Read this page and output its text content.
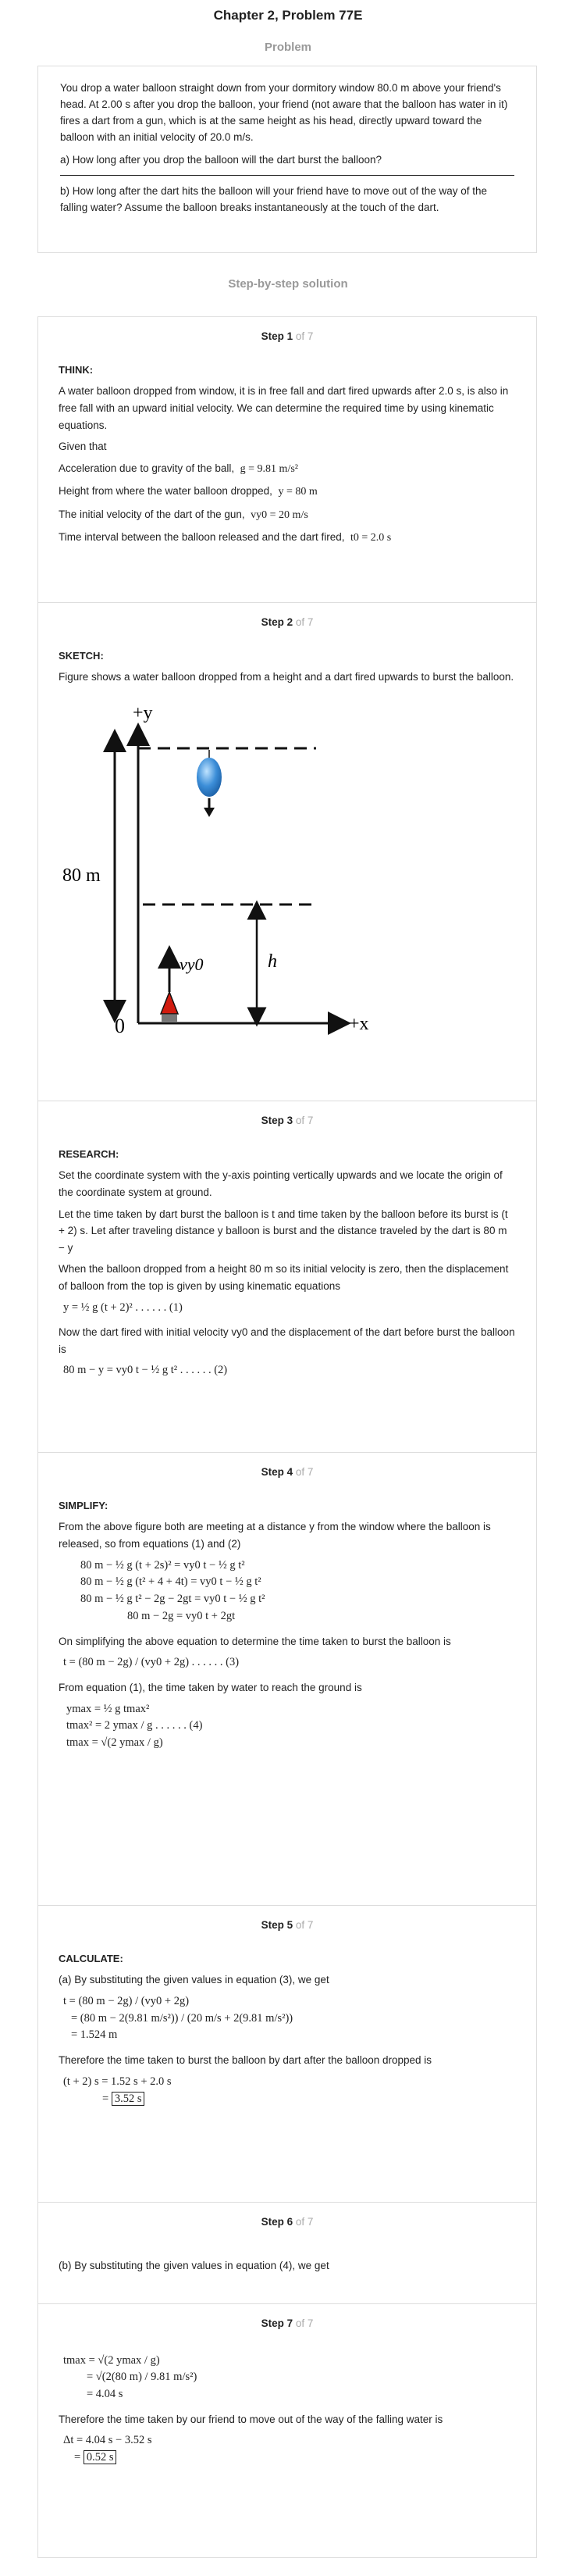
Chapter 2, Problem 77E
Problem

You drop a water balloon straight down from your dormitory window 80.0 m above your friend's head. At 2.00 s after you drop the balloon, your friend (not aware that the balloon has water in it) fires a dart from a gun, which is at the same height as his head, directly upward toward the balloon with an initial velocity of 20.0 m/s.

a) How long after you drop the balloon will the dart burst the balloon?

b) How long after the dart hits the balloon will your friend have to move out of the way of the falling water? Assume the balloon breaks instantaneously at the touch of the dart.

Step-by-step solution
Step 1 of 7
THINK:

A water balloon dropped from window, it is in free fall and dart fired upwards after 2.0 s, is also in free fall with an upward initial velocity. We can determine the required time by using kinematic equations.

Given that

Acceleration due to gravity of the ball, g = 9.81 m/s²

Height from where the water balloon dropped, y = 80 m

The initial velocity of the dart of the gun, vy0 = 20 m/s

Time interval between the balloon released and the dart fired, t0 = 2.0 s

Step 2 of 7
SKETCH:

Figure shows a water balloon dropped from a height and a dart fired upwards to burst the balloon.

+y
+x
0
80 m
h
vy0
Step 3 of 7
RESEARCH:

Set the coordinate system with the y-axis pointing vertically upwards and we locate the origin of the coordinate system at ground.

Let the time taken by dart burst the balloon is t and time taken by the balloon before its burst is (t + 2) s. Let after traveling distance y balloon is burst and the distance traveled by the dart is 80 m − y

When the balloon dropped from a height 80 m so its initial velocity is zero, then the displacement of balloon from the top is given by using kinematic equations

y = ½ g (t + 2)² . . . . . . (1)

Now the dart fired with initial velocity vy0 and the displacement of the dart before burst the balloon is

80 m − y = vy0 t − ½ g t² . . . . . . (2)
Step 4 of 7
SIMPLIFY:

From the above figure both are meeting at a distance y from the window where the balloon is released, so from equations (1) and (2)

80 m − ½ g (t + 2s)² = vy0 t − ½ g t²
80 m − ½ g (t² + 4 + 4t) = vy0 t − ½ g t²
80 m − ½ g t² − 2g − 2gt = vy0 t − ½ g t²
80 m − 2g = vy0 t + 2gt

On simplifying the above equation to determine the time taken to burst the balloon is

t = (80 m − 2g) / (vy0 + 2g) . . . . . . (3)

From equation (1), the time taken by water to reach the ground is

ymax = ½ g tmax²
tmax² = 2 ymax / g . . . . . . (4)
tmax = √(2 ymax / g)
Step 5 of 7
CALCULATE:

(a) By substituting the given values in equation (3), we get

t = (80 m − 2g) / (vy0 + 2g)
= (80 m − 2(9.81 m/s²)) / (20 m/s + 2(9.81 m/s²))
= 1.524 m

Therefore the time taken to burst the balloon by dart after the balloon dropped is

(t + 2) s = 1.52 s + 2.0 s
= 3.52 s
Step 6 of 7

(b) By substituting the given values in equation (4), we get

Step 7 of 7
tmax = √(2 ymax / g)
= √(2(80 m) / 9.81 m/s²)
= 4.04 s

Therefore the time taken by our friend to move out of the way of the falling water is

Δt = 4.04 s − 3.52 s
= 0.52 s
